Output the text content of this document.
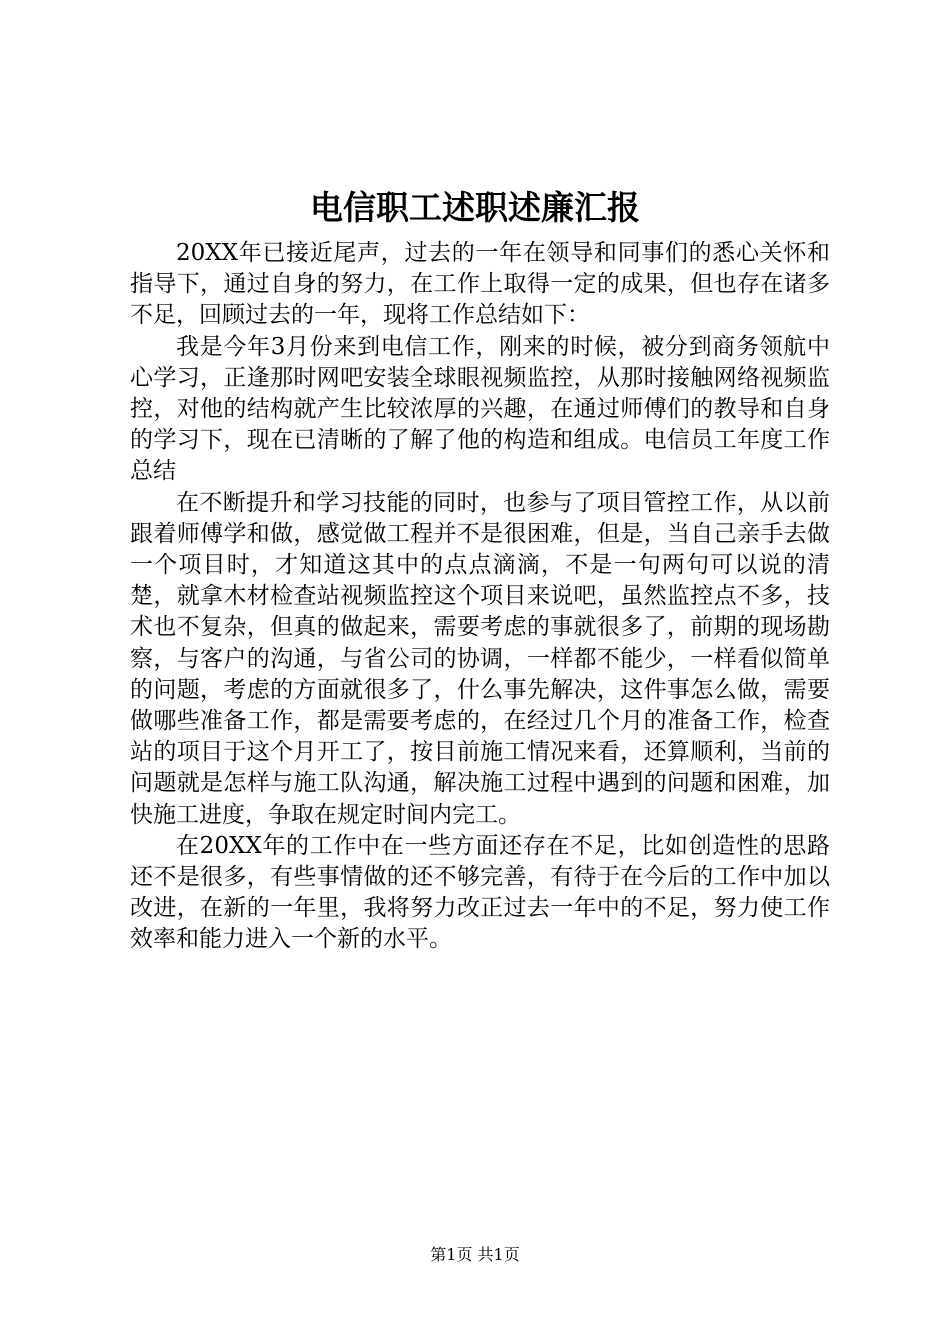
电信职工述职述廉汇报

20XX年已接近尾声，过去的一年在领导和同事们的悉心关怀和指导下，通过自身的努力，在工作上取得一定的成果，但也存在诸多不足，回顾过去的一年，现将工作总结如下：

我是今年3月份来到电信工作，刚来的时候，被分到商务领航中心学习，正逢那时网吧安装全球眼视频监控，从那时接触网络视频监控，对他的结构就产生比较浓厚的兴趣，在通过师傅们的教导和自身的学习下，现在已清晰的了解了他的构造和组成。电信员工年度工作总结

在不断提升和学习技能的同时，也参与了项目管控工作，从以前跟着师傅学和做，感觉做工程并不是很困难，但是，当自己亲手去做一个项目时，才知道这其中的点点滴滴，不是一句两句可以说的清楚，就拿木材检查站视频监控这个项目来说吧，虽然监控点不多，技术也不复杂，但真的做起来，需要考虑的事就很多了，前期的现场勘察，与客户的沟通，与省公司的协调，一样都不能少，一样看似简单的问题，考虑的方面就很多了，什么事先解决，这件事怎么做，需要做哪些准备工作，都是需要考虑的，在经过几个月的准备工作，检查站的项目于这个月开工了，按目前施工情况来看，还算顺利，当前的问题就是怎样与施工队沟通，解决施工过程中遇到的问题和困难，加快施工进度，争取在规定时间内完工。

在20XX年的工作中在一些方面还存在不足，比如创造性的思路还不是很多，有些事情做的还不够完善，有待于在今后的工作中加以改进，在新的一年里，我将努力改正过去一年中的不足，努力使工作效率和能力进入一个新的水平。

第1页 共1页
